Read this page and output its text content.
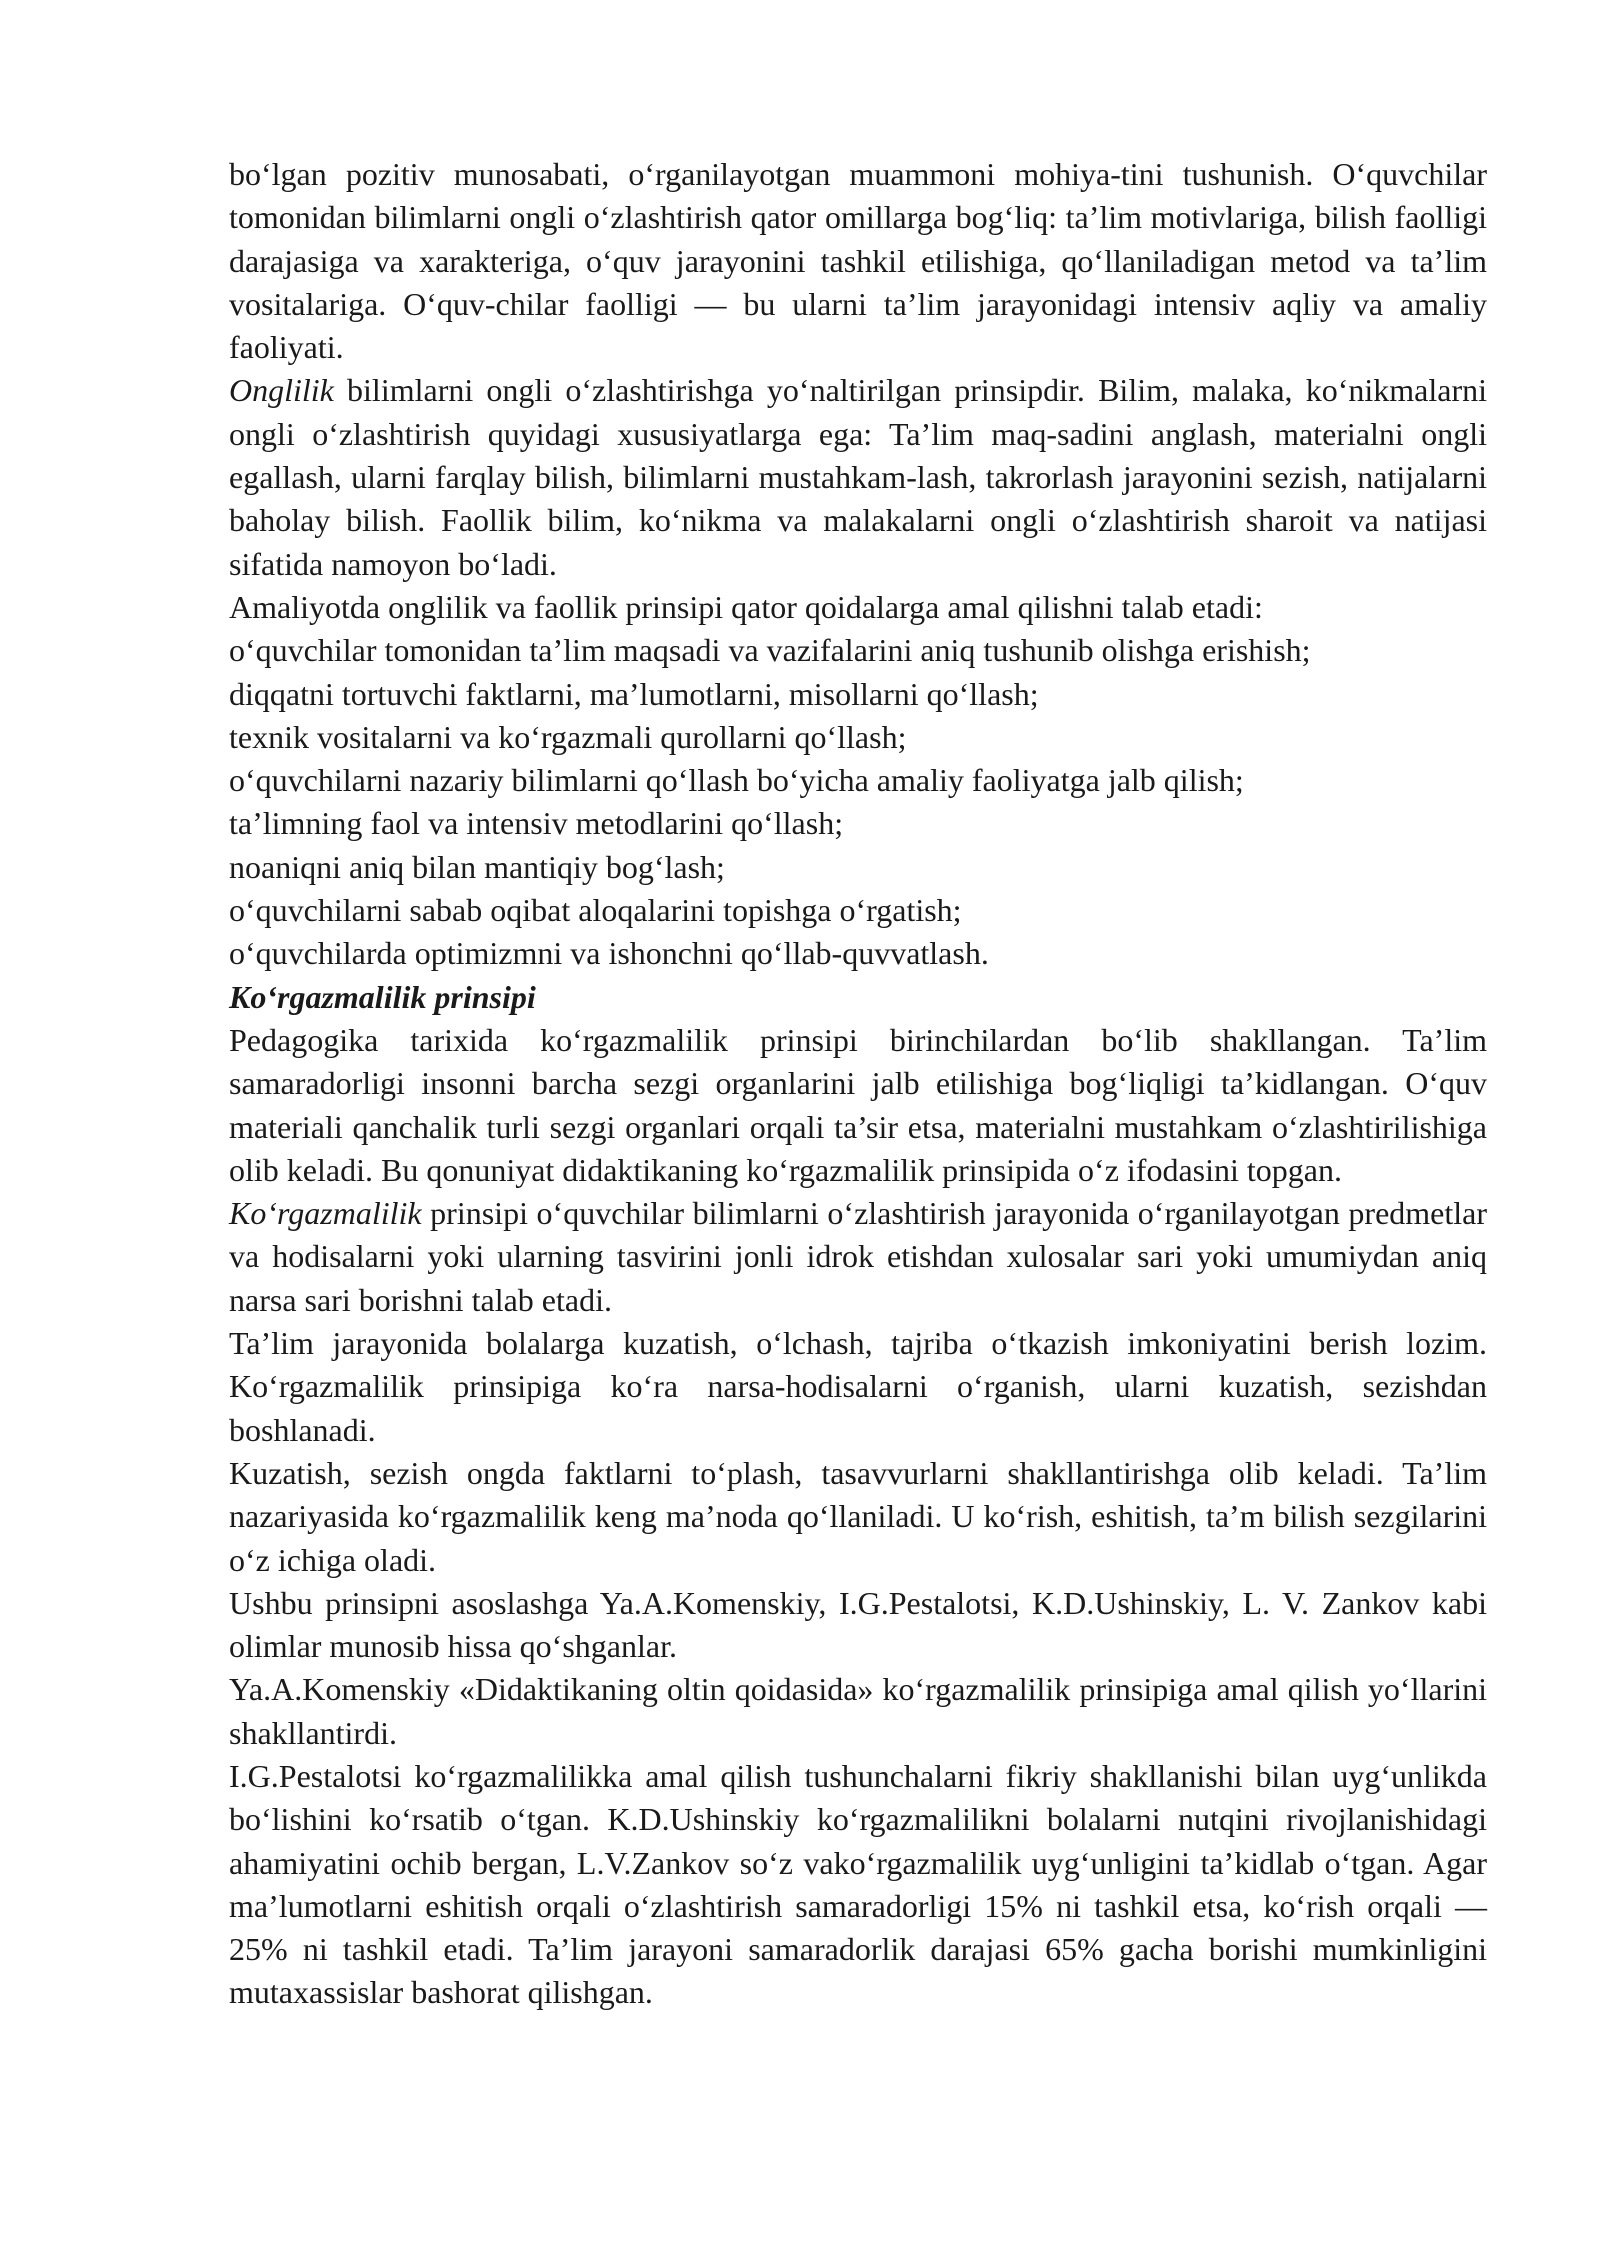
bo‘lgan pozitiv munosabati, o‘rganilayotgan muammoni mohiya-tini tushunish. O‘quvchilar tomonidan bilimlarni ongli o‘zlashtirish qator omillarga bog‘liq: ta’lim motivlariga, bilish faolligi darajasiga va xarakteriga, o‘quv jarayonini tashkil etilishiga, qo‘llaniladigan metod va ta’lim vositalariga. O‘quv-chilar faolligi — bu ularni ta’lim jarayonidagi intensiv aqliy va amaliy faoliyati.

Onglilik bilimlarni ongli o‘zlashtirishga yo‘naltirilgan prinsipdir. Bilim, malaka, ko‘nikmalarni ongli o‘zlashtirish quyidagi xususiyatlarga ega: Ta’lim maq-sadini anglash, materialni ongli egallash, ularni farqlay bilish, bilimlarni mustahkam-lash, takrorlash jarayonini sezish, natijalarni baholay bilish. Faollik bilim, ko‘nikma va malakalarni ongli o‘zlashtirish sharoit va natijasi sifatida namoyon bo‘ladi.

Amaliyotda onglilik va faollik prinsipi qator qoidalarga amal qilishni talab etadi:

o‘quvchilar tomonidan ta’lim maqsadi va vazifalarini aniq tushunib olishga erishish;

diqqatni tortuvchi faktlarni, ma’lumotlarni, misollarni qo‘llash;

texnik vositalarni va ko‘rgazmali qurollarni qo‘llash;

o‘quvchilarni nazariy bilimlarni qo‘llash bo‘yicha amaliy faoliyatga jalb qilish;

ta’limning faol va intensiv metodlarini qo‘llash;

noaniqni aniq bilan mantiqiy bog‘lash;

o‘quvchilarni sabab oqibat aloqalarini topishga o‘rgatish;

o‘quvchilarda optimizmni va ishonchni qo‘llab-quvvatlash.

Ko‘rgazmalilik prinsipi

Pedagogika tarixida ko‘rgazmalilik prinsipi birinchilardan bo‘lib shakllangan. Ta’lim samaradorligi insonni barcha sezgi organlarini jalb etilishiga bog‘liqligi ta’kidlangan. O‘quv materiali qanchalik turli sezgi organlari orqali ta’sir etsa, materialni mustahkam o‘zlashtirilishiga olib keladi. Bu qonuniyat didaktikaning ko‘rgazmalilik prinsipida o‘z ifodasini topgan.

Ko‘rgazmalilik prinsipi o‘quvchilar bilimlarni o‘zlashtirish jarayonida o‘rganilayotgan predmetlar va hodisalarni yoki ularning tasvirini jonli idrok etishdan xulosalar sari yoki umumiydan aniq narsa sari borishni talab etadi.

Ta’lim jarayonida bolalarga kuzatish, o‘lchash, tajriba o‘tkazish imkoniyatini berish lozim. Ko‘rgazmalilik prinsipiga ko‘ra narsa-hodisalarni o‘rganish, ularni kuzatish, sezishdan boshlanadi.

Kuzatish, sezish ongda faktlarni to‘plash, tasavvurlarni shakllantirishga olib keladi. Ta’lim nazariyasida ko‘rgazmalilik keng ma’noda qo‘llaniladi. U ko‘rish, eshitish, ta’m bilish sezgilarini o‘z ichiga oladi.

Ushbu prinsipni asoslashga Ya.A.Komenskiy, I.G.Pestalotsi, K.D.Ushinskiy, L. V. Zankov kabi olimlar munosib hissa qo‘shganlar.

Ya.A.Komenskiy «Didaktikaning oltin qoidasida» ko‘rgazmalilik prinsipiga amal qilish yo‘llarini shakllantirdi.

I.G.Pestalotsi ko‘rgazmalilikka amal qilish tushunchalarni fikriy shakllanishi bilan uyg‘unlikda bo‘lishini ko‘rsatib o‘tgan. K.D.Ushinskiy ko‘rgazmalilikni bolalarni nutqini rivojlanishidagi ahamiyatini ochib bergan, L.V.Zankov so‘z vako‘rgazmalilik uyg‘unligini ta’kidlab o‘tgan. Agar ma’lumotlarni eshitish orqali o‘zlashtirish samaradorligi 15% ni tashkil etsa, ko‘rish orqali — 25% ni tashkil etadi. Ta’lim jarayoni samaradorlik darajasi 65% gacha borishi mumkinligini mutaxassislar bashorat qilishgan.
